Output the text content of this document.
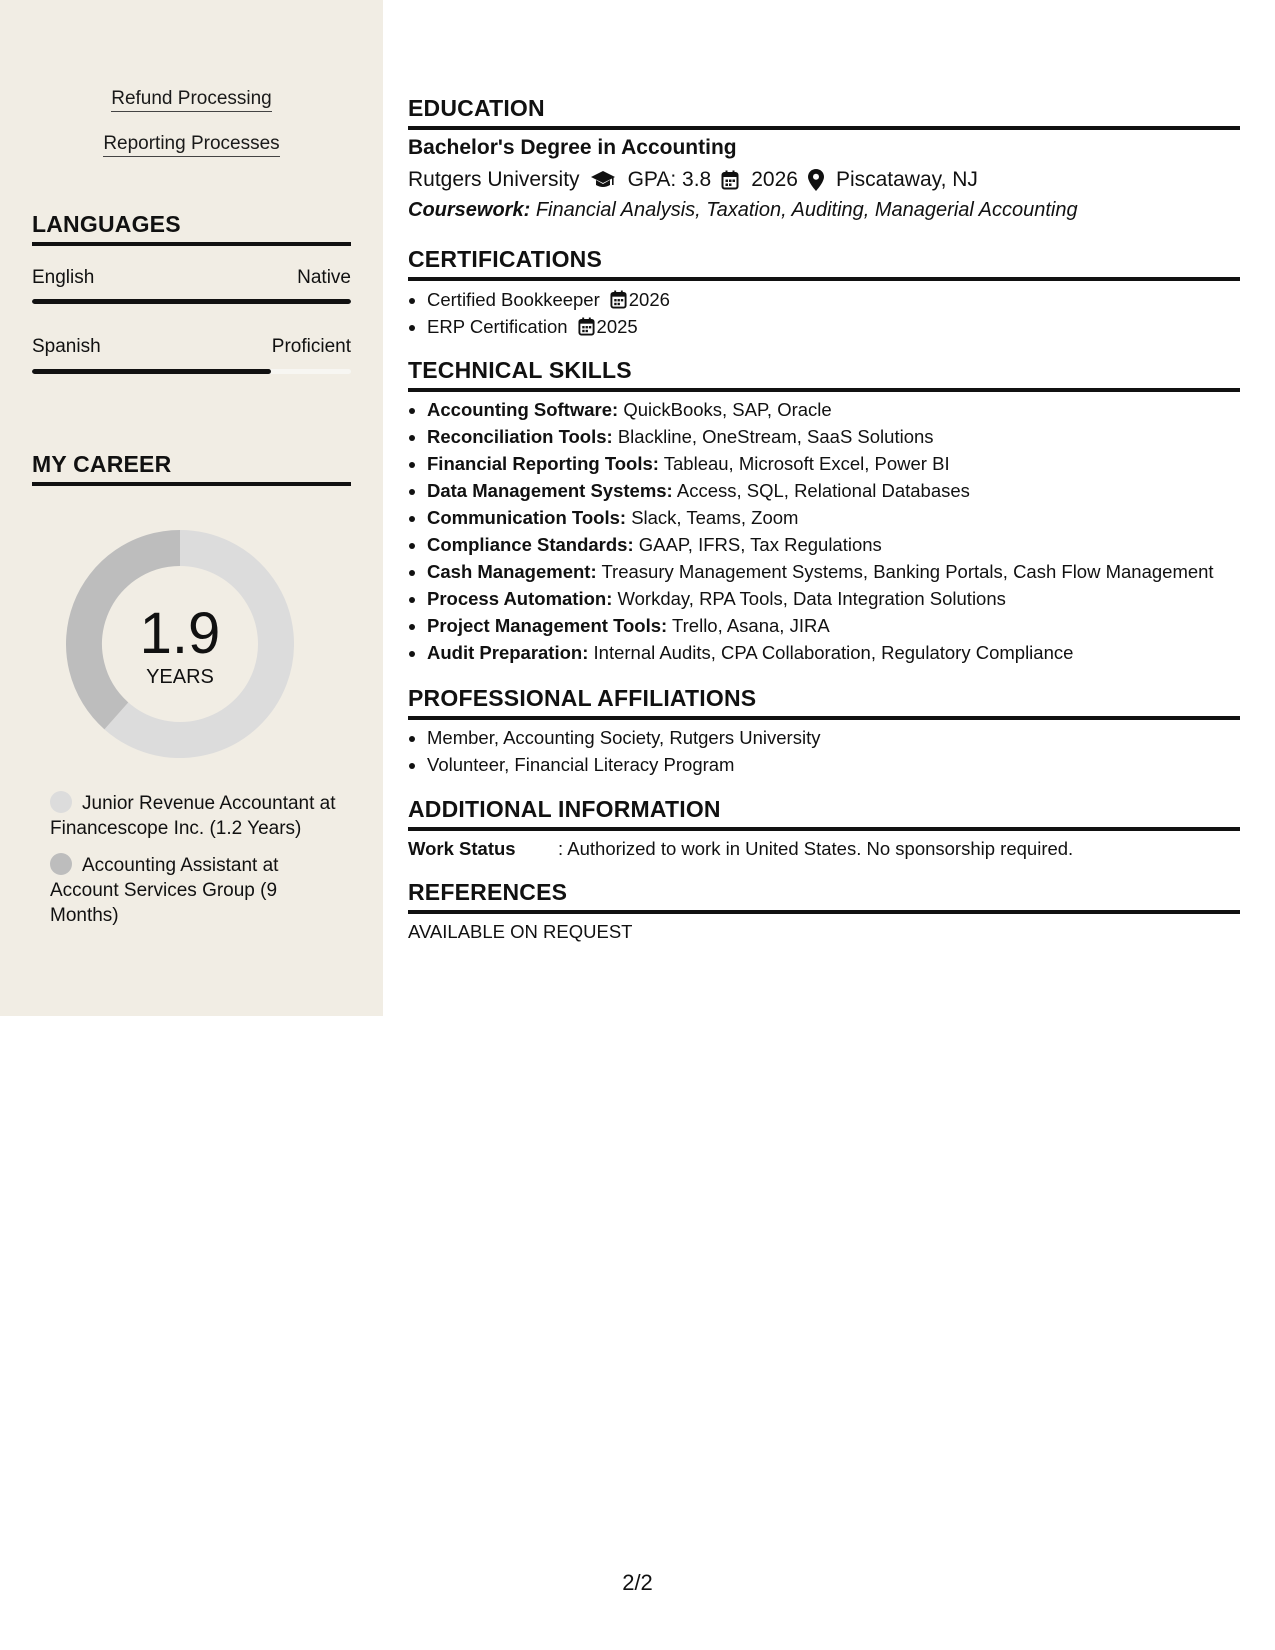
Refund Processing
Reporting Processes
LANGUAGES
English	Native
Spanish	Proficient
MY CAREER
1.9
YEARS
Junior Revenue Accountant at Financescope Inc. (1.2 Years)
Accounting Assistant at Account Services Group (9 Months)
EDUCATION
Bachelor's Degree in Accounting
Rutgers University GPA: 3.8 2026 Piscataway, NJ
Coursework: Financial Analysis, Taxation, Auditing, Managerial Accounting
CERTIFICATIONS
• Certified Bookkeeper 2026
• ERP Certification 2025
TECHNICAL SKILLS
• Accounting Software: QuickBooks, SAP, Oracle
• Reconciliation Tools: Blackline, OneStream, SaaS Solutions
• Financial Reporting Tools: Tableau, Microsoft Excel, Power BI
• Data Management Systems: Access, SQL, Relational Databases
• Communication Tools: Slack, Teams, Zoom
• Compliance Standards: GAAP, IFRS, Tax Regulations
• Cash Management: Treasury Management Systems, Banking Portals, Cash Flow Management
• Process Automation: Workday, RPA Tools, Data Integration Solutions
• Project Management Tools: Trello, Asana, JIRA
• Audit Preparation: Internal Audits, CPA Collaboration, Regulatory Compliance
PROFESSIONAL AFFILIATIONS
• Member, Accounting Society, Rutgers University
• Volunteer, Financial Literacy Program
ADDITIONAL INFORMATION
Work Status : Authorized to work in United States. No sponsorship required.
REFERENCES
AVAILABLE ON REQUEST
2/2
